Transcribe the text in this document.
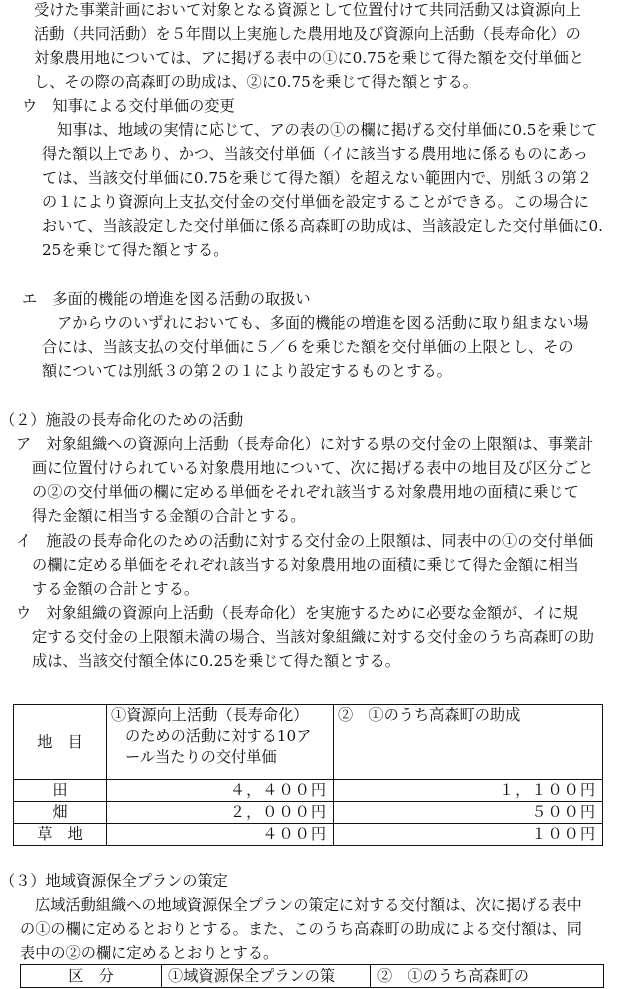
受けた事業計画において対象となる資源として位置付けて共同活動又は資源向上
活動（共同活動）を５年間以上実施した農用地及び資源向上活動（長寿命化）の
対象農用地については、アに掲げる表中の①に0.75を乗じて得た額を交付単価と
し、その際の高森町の助成は、②に0.75を乗じて得た額とする。
ウ　知事による交付単価の変更
知事は、地域の実情に応じて、アの表の①の欄に掲げる交付単価に0.5を乗じて
得た額以上であり、かつ、当該交付単価（イに該当する農用地に係るものにあっ
ては、当該交付単価に0.75を乗じて得た額）を超えない範囲内で、別紙３の第２
の１により資源向上支払交付金の交付単価を設定することができる。この場合に
おいて、当該設定した交付単価に係る高森町の助成は、当該設定した交付単価に0.
25を乗じて得た額とする。
エ　多面的機能の増進を図る活動の取扱い
アからウのいずれにおいても、多面的機能の増進を図る活動に取り組まない場
合には、当該支払の交付単価に５／６を乗じた額を交付単価の上限とし、その
額については別紙３の第２の１により設定するものとする。
（２）施設の長寿命化のための活動
ア　対象組織への資源向上活動（長寿命化）に対する県の交付金の上限額は、事業計
画に位置付けられている対象農用地について、次に掲げる表中の地目及び区分ごと
の②の交付単価の欄に定める単価をそれぞれ該当する対象農用地の面積に乗じて
得た金額に相当する金額の合計とする。
イ　施設の長寿命化のための活動に対する交付金の上限額は、同表中の①の交付単価
の欄に定める単価をそれぞれ該当する対象農用地の面積に乗じて得た金額に相当
する金額の合計とする。
ウ　対象組織の資源向上活動（長寿命化）を実施するために必要な金額が、イに規
定する交付金の上限額未満の場合、当該対象組織に対する交付金のうち高森町の助
成は、当該交付額全体に0.25を乗じて得た額とする。
地　目	①資源向上活動（長寿命化）
のための活動に対する10ア
ール当たりの交付単価	②　①のうち高森町の助成
田	４，４００円	１，１００円
畑	２，０００円	５００円
草　地	４００円	１００円
（３）地域資源保全プランの策定
広域活動組織への地域資源保全プランの策定に対する交付額は、次に掲げる表中
の①の欄に定めるとおりとする。また、このうち高森町の助成による交付額は、同
表中の②の欄に定めるとおりとする。
区　分	①域資源保全プランの策	②　①のうち高森町の
